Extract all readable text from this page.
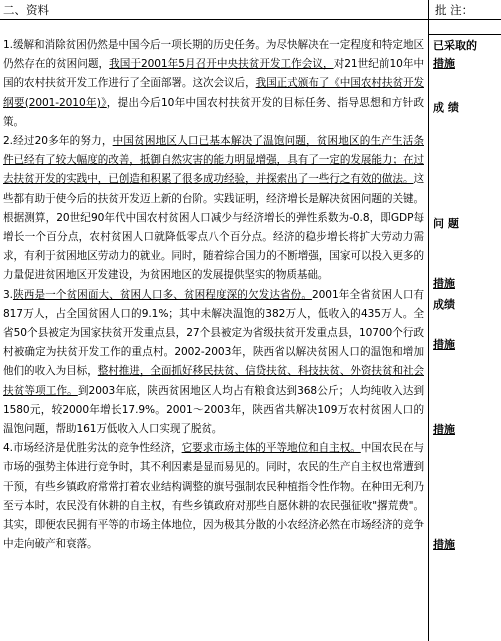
二、资料

1.缓解和消除贫困仍然是中国今后一项长期的历史任务。为尽快解决在一定程度和特定地区仍然存在的贫困问题，我国于2001年5月召开中央扶贫开发工作会议，对21世纪前10年中国的农村扶贫开发工作进行了全面部署。这次会议后，我国正式颁布了《中国农村扶贫开发纲要(2001-2010年)》，提出今后10年中国农村扶贫开发的目标任务、指导思想和方针政策。

2.经过20多年的努力，中国贫困地区人口已基本解决了温饱问题，贫困地区的生产生活条件已经有了较大幅度的改善，抵御自然灾害的能力明显增强，具有了一定的发展能力；在过去扶贫开发的实践中，已创造和积累了很多成功经验，并探索出了一些行之有效的做法。这些都有助于使今后的扶贫开发迈上新的台阶。实践证明，经济增长是解决贫困问题的关键。根据测算，20世纪90年代中国农村贫困人口减少与经济增长的弹性系数为-0.8，即GDP每增长一个百分点，农村贫困人口就降低零点八个百分点。经济的稳步增长将扩大劳动力需求，有利于贫困地区劳动力的就业。同时，随着综合国力的不断增强，国家可以投入更多的力量促进贫困地区开发建设，为贫困地区的发展提供坚实的物质基础。

3.陕西是一个贫困面大、贫困人口多、贫困程度深的欠发达省份。2001年全省贫困人口有817万人，占全国贫困人口的9.1%；其中未解决温饱的382万人，低收入的435万人。全省50个县被定为国家扶贫开发重点县，27个县被定为省级扶贫开发重点县，10700个行政村被确定为扶贫开发工作的重点村。2002-2003年，陕西省以解决贫困人口的温饱和增加他们的收入为目标，整村推进，全面抓好移民扶贫、信贷扶贫、科技扶贫、外资扶贫和社会扶贫等项工作。到2003年底，陕西贫困地区人均占有粮食达到368公斤；人均纯收入达到1580元，较2000年增长17.9%。2001～2003年，陕西省共解决109万农村贫困人口的温饱问题，帮助161万低收入人口实现了脱贫。

4.市场经济是优胜劣汰的竞争性经济，它要求市场主体的平等地位和自主权。中国农民在与市场的强势主体进行竞争时，其不利因素是显而易见的。同时，农民的生产自主权也常遭到干预，有些乡镇政府常常打着农业结构调整的旗号强制农民种植指令性作物。在种田无利乃至亏本时，农民没有休耕的自主权，有些乡镇政府对那些自愿休耕的农民强征收"撂荒费"。其实，即便农民拥有平等的市场主体地位，因为极其分散的小农经济必然在市场经济的竞争中走向破产和衰落。

批 注：
已采取的
措施
成 绩
问 题
措施
成绩
措施
措施
措施
